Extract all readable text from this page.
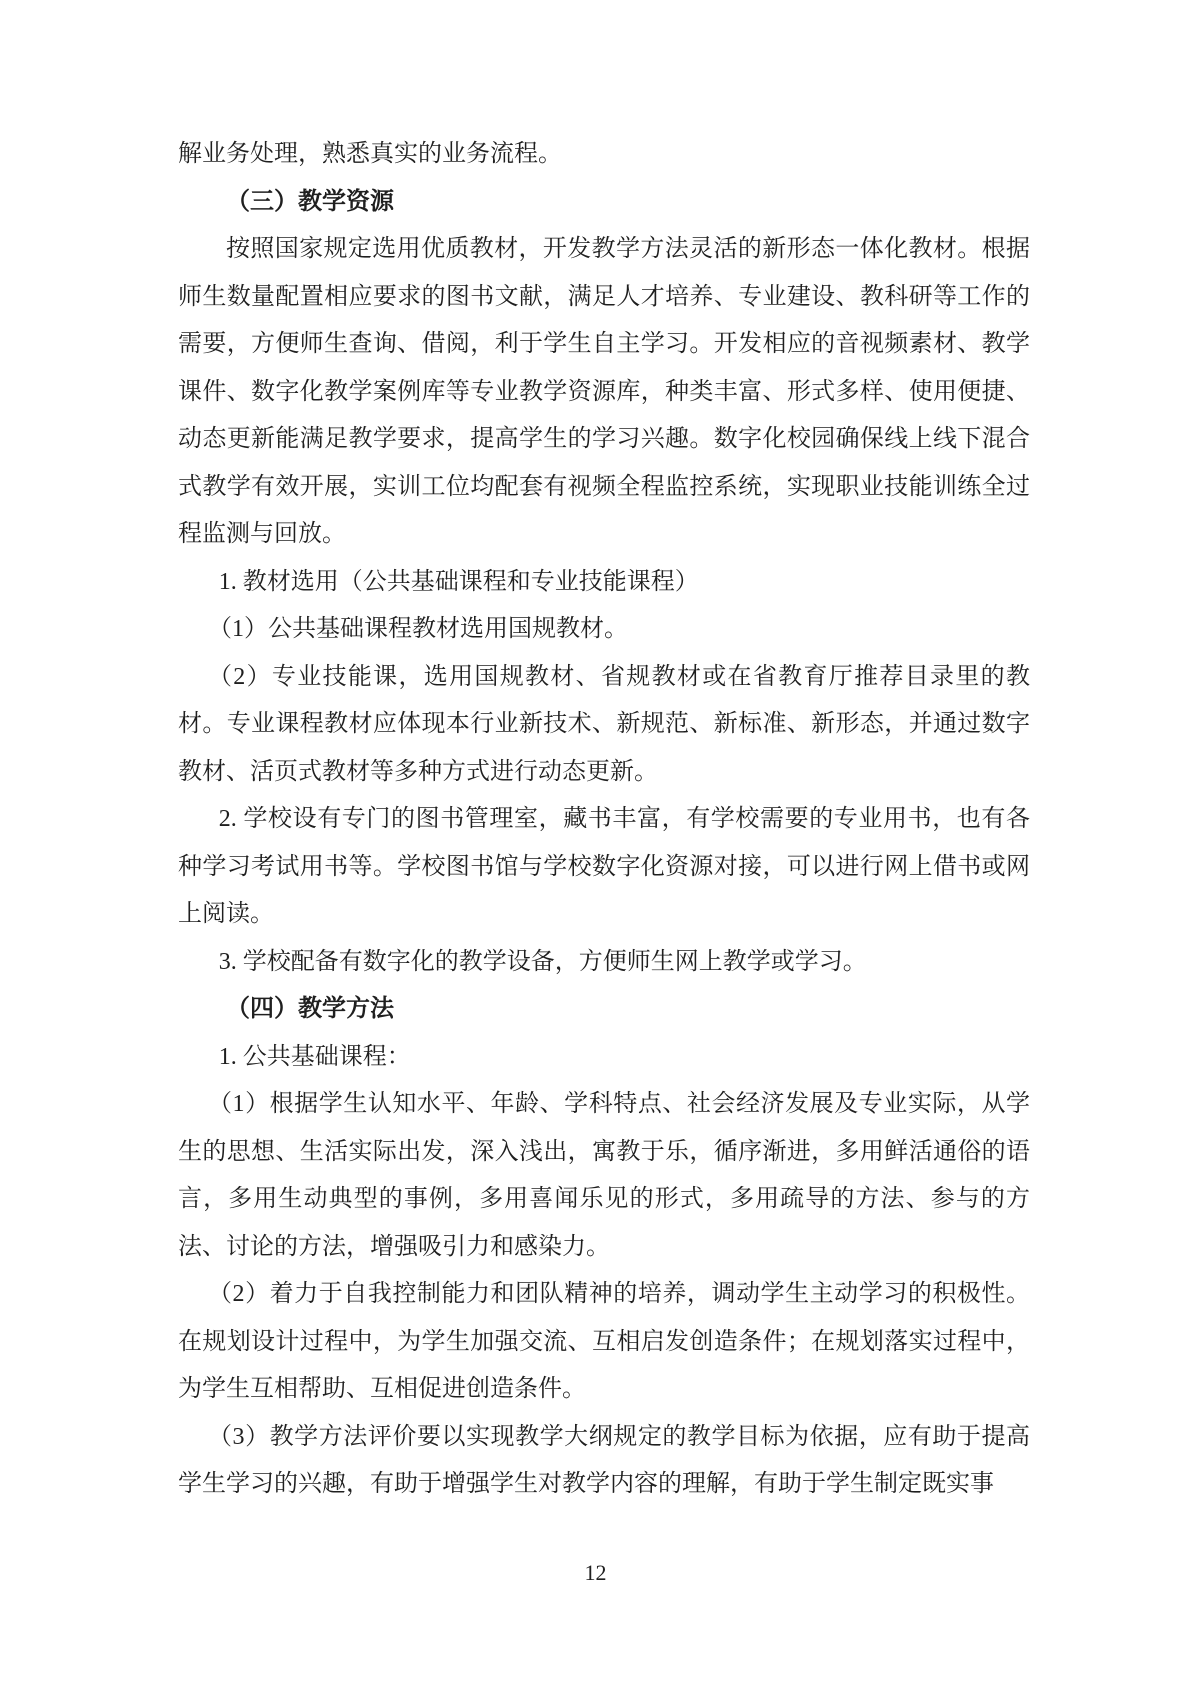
解业务处理，熟悉真实的业务流程。

（三）教学资源

按照国家规定选用优质教材，开发教学方法灵活的新形态一体化教材。根据师生数量配置相应要求的图书文献，满足人才培养、专业建设、教科研等工作的需要，方便师生查询、借阅，利于学生自主学习。开发相应的音视频素材、教学课件、数字化教学案例库等专业教学资源库，种类丰富、形式多样、使用便捷、动态更新能满足教学要求，提高学生的学习兴趣。数字化校园确保线上线下混合式教学有效开展，实训工位均配套有视频全程监控系统，实现职业技能训练全过程监测与回放。

1. 教材选用（公共基础课程和专业技能课程）

（1）公共基础课程教材选用国规教材。

（2）专业技能课，选用国规教材、省规教材或在省教育厅推荐目录里的教材。专业课程教材应体现本行业新技术、新规范、新标准、新形态，并通过数字教材、活页式教材等多种方式进行动态更新。

2. 学校设有专门的图书管理室，藏书丰富，有学校需要的专业用书，也有各种学习考试用书等。学校图书馆与学校数字化资源对接，可以进行网上借书或网上阅读。

3. 学校配备有数字化的教学设备，方便师生网上教学或学习。

（四）教学方法

1. 公共基础课程：

（1）根据学生认知水平、年龄、学科特点、社会经济发展及专业实际，从学生的思想、生活实际出发，深入浅出，寓教于乐，循序渐进，多用鲜活通俗的语言，多用生动典型的事例，多用喜闻乐见的形式，多用疏导的方法、参与的方法、讨论的方法，增强吸引力和感染力。

（2）着力于自我控制能力和团队精神的培养，调动学生主动学习的积极性。在规划设计过程中，为学生加强交流、互相启发创造条件；在规划落实过程中，为学生互相帮助、互相促进创造条件。

（3）教学方法评价要以实现教学大纲规定的教学目标为依据，应有助于提高学生学习的兴趣，有助于增强学生对教学内容的理解，有助于学生制定既实事

12
